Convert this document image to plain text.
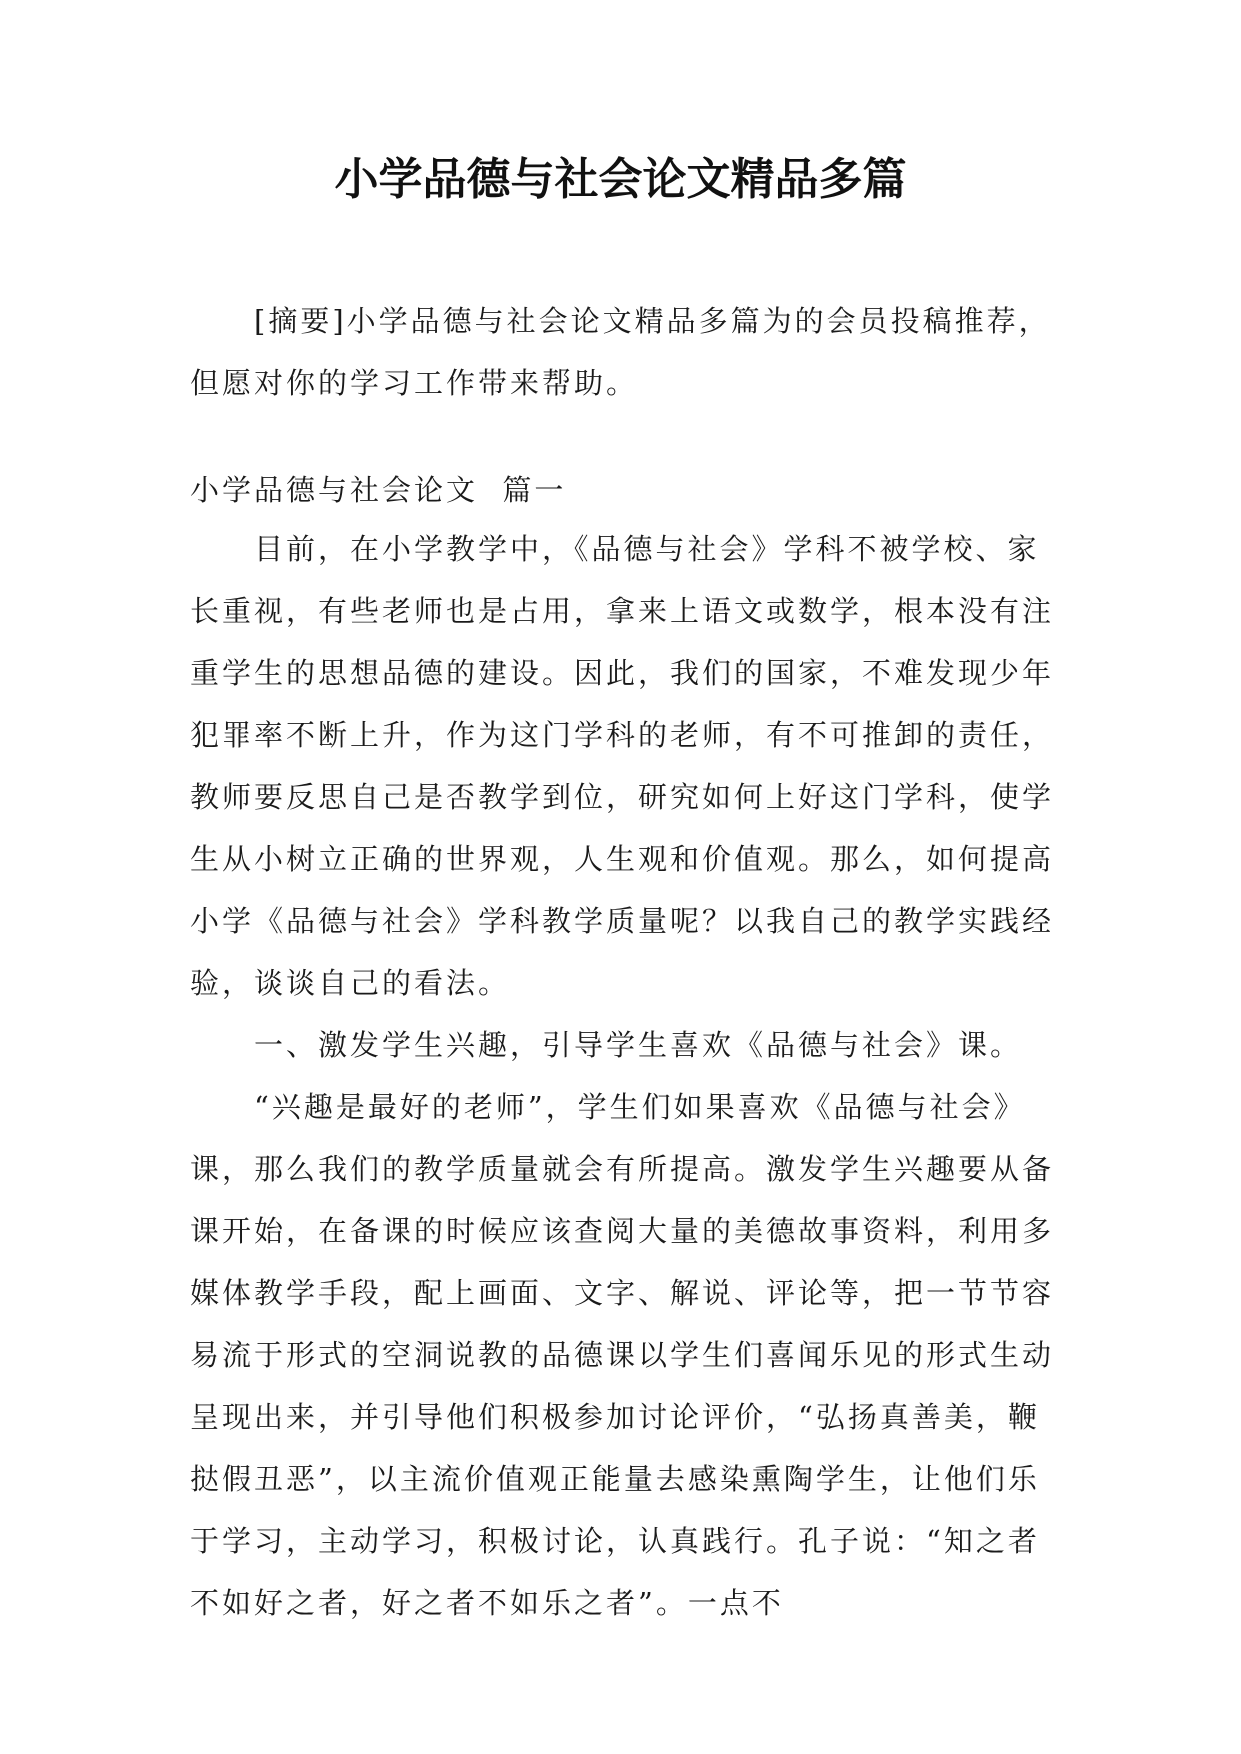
小学品德与社会论文精品多篇

[摘要]小学品德与社会论文精品多篇为的会员投稿推荐，但愿对你的学习工作带来帮助。

小学品德与社会论文  篇一

目前，在小学教学中，《品德与社会》学科不被学校、家长重视，有些老师也是占用，拿来上语文或数学，根本没有注重学生的思想品德的建设。因此，我们的国家，不难发现少年犯罪率不断上升，作为这门学科的老师，有不可推卸的责任，教师要反思自己是否教学到位，研究如何上好这门学科，使学生从小树立正确的世界观，人生观和价值观。那么，如何提高小学《品德与社会》学科教学质量呢？以我自己的教学实践经验，谈谈自己的看法。

一、激发学生兴趣，引导学生喜欢《品德与社会》课。

“兴趣是最好的老师”，学生们如果喜欢《品德与社会》课，那么我们的教学质量就会有所提高。激发学生兴趣要从备课开始，在备课的时候应该查阅大量的美德故事资料，利用多媒体教学手段，配上画面、文字、解说、评论等，把一节节容易流于形式的空洞说教的品德课以学生们喜闻乐见的形式生动呈现出来，并引导他们积极参加讨论评价，“弘扬真善美，鞭挞假丑恶”，以主流价值观正能量去感染熏陶学生，让他们乐于学习，主动学习，积极讨论，认真践行。孔子说：“知之者不如好之者，好之者不如乐之者”。一点不
